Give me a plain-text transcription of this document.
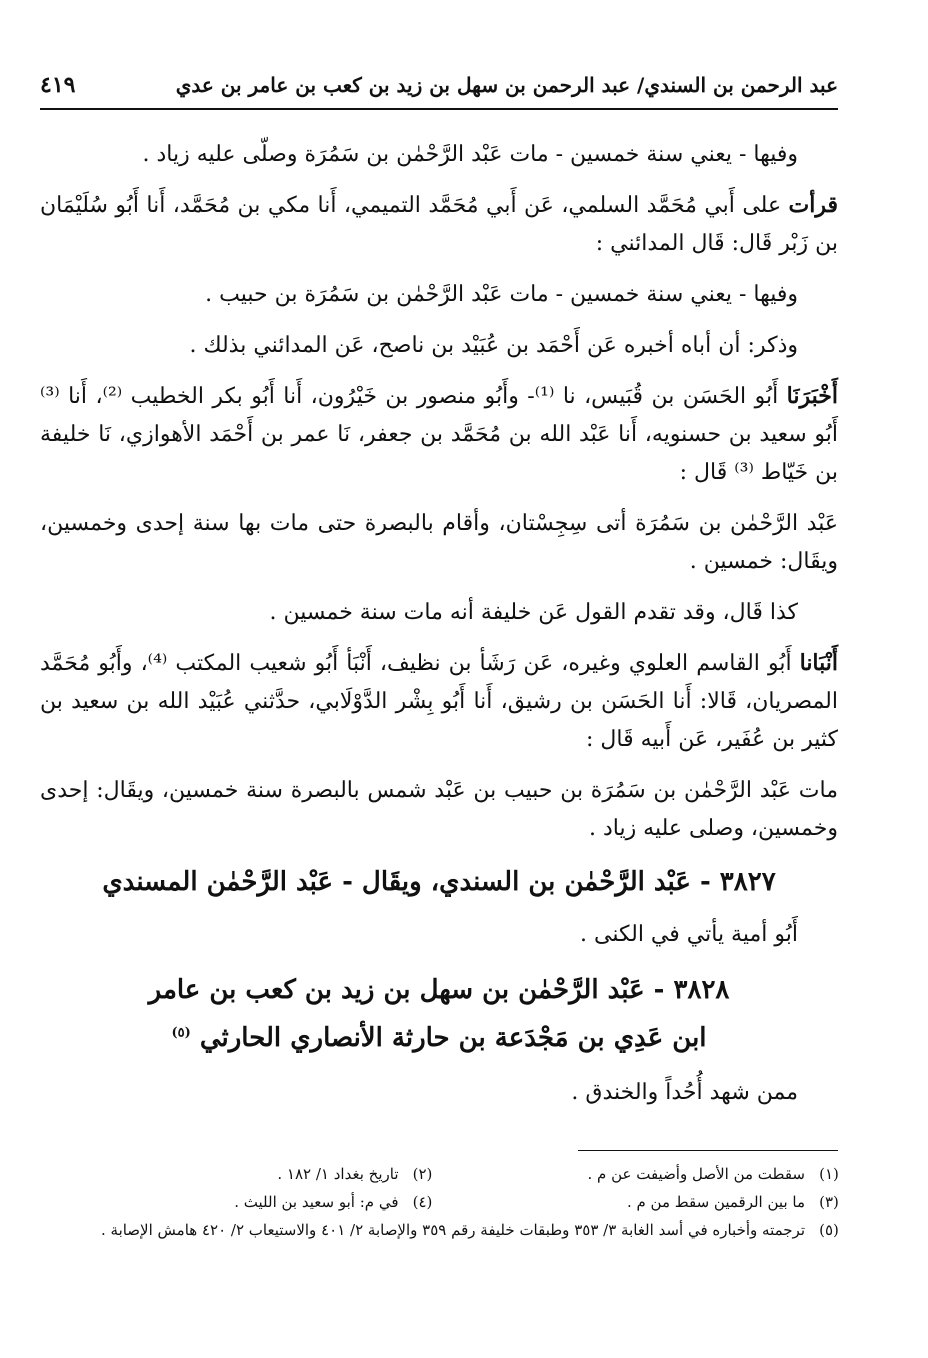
عبد الرحمن بن السندي/ عبد الرحمن بن سهل بن زيد بن كعب بن عامر بن عدي
٤١٩

وفيها - يعني سنة خمسين - مات عَبْد الرَّحْمٰن بن سَمُرَة وصلّى عليه زياد .

قرأت على أَبي مُحَمَّد السلمي، عَن أَبي مُحَمَّد التميمي، أَنا مكي بن مُحَمَّد، أَنا أَبُو سُلَيْمَان بن زَبْر قَال: قَال المدائني :

وفيها - يعني سنة خمسين - مات عَبْد الرَّحْمٰن بن سَمُرَة بن حبيب .

وذكر: أن أباه أخبره عَن أَحْمَد بن عُبَيْد بن ناصح، عَن المدائني بذلك .

أَخْبَرَنَا أَبُو الحَسَن بن قُبَيس، نا ⁽¹⁾- وأَبُو منصور بن خَيْرُون، أَنا أَبُو بكر الخطيب ⁽²⁾، أَنا ⁽³⁾ أَبُو سعيد بن حسنويه، أَنا عَبْد الله بن مُحَمَّد بن جعفر، نَا عمر بن أَحْمَد الأهوازي، نَا خليفة بن خَيّاط ⁽³⁾ قَال :

عَبْد الرَّحْمٰن بن سَمُرَة أتى سِجِسْتان، وأقام بالبصرة حتى مات بها سنة إحدى وخمسين، ويقَال: خمسين .

كذا قَال، وقد تقدم القول عَن خليفة أنه مات سنة خمسين .

أَنْبَانا أَبُو القاسم العلوي وغيره، عَن رَشَأ بن نظيف، أَنْبَأ أَبُو شعيب المكتب ⁽⁴⁾، وأَبُو مُحَمَّد المصريان، قَالا: أَنا الحَسَن بن رشيق، أَنا أَبُو بِشْر الدَّوْلَابي، حدَّثني عُبَيْد الله بن سعيد بن كثير بن عُفَير، عَن أَبيه قَال :

مات عَبْد الرَّحْمٰن بن سَمُرَة بن حبيب بن عَبْد شمس بالبصرة سنة خمسين، ويقَال: إحدى وخمسين، وصلى عليه زياد .

٣٨٢٧ - عَبْد الرَّحْمٰن بن السندي، ويقَال - عَبْد الرَّحْمٰن المسندي

أَبُو أمية يأتي في الكنى .

٣٨٢٨ - عَبْد الرَّحْمٰن بن سهل بن زيد بن كعب بن عامر
ابن عَدِي بن مَجْدَعة بن حارثة الأنصاري الحارثي $^{(٥)}$

ممن شهد أُحُداً والخندق .

(١)
سقطت من الأصل وأضيفت عن م .
(٢)
تاريخ بغداد ١/ ١٨٢ .
(٣)
ما بين الرقمين سقط من م .
(٤)
في م: أبو سعيد بن الليث .
(٥)
ترجمته وأخباره في أسد الغابة ٣/ ٣٥٣ وطبقات خليفة رقم ٣٥٩ والإصابة ٢/ ٤٠١ والاستيعاب ٢/ ٤٢٠ هامش الإصابة .
